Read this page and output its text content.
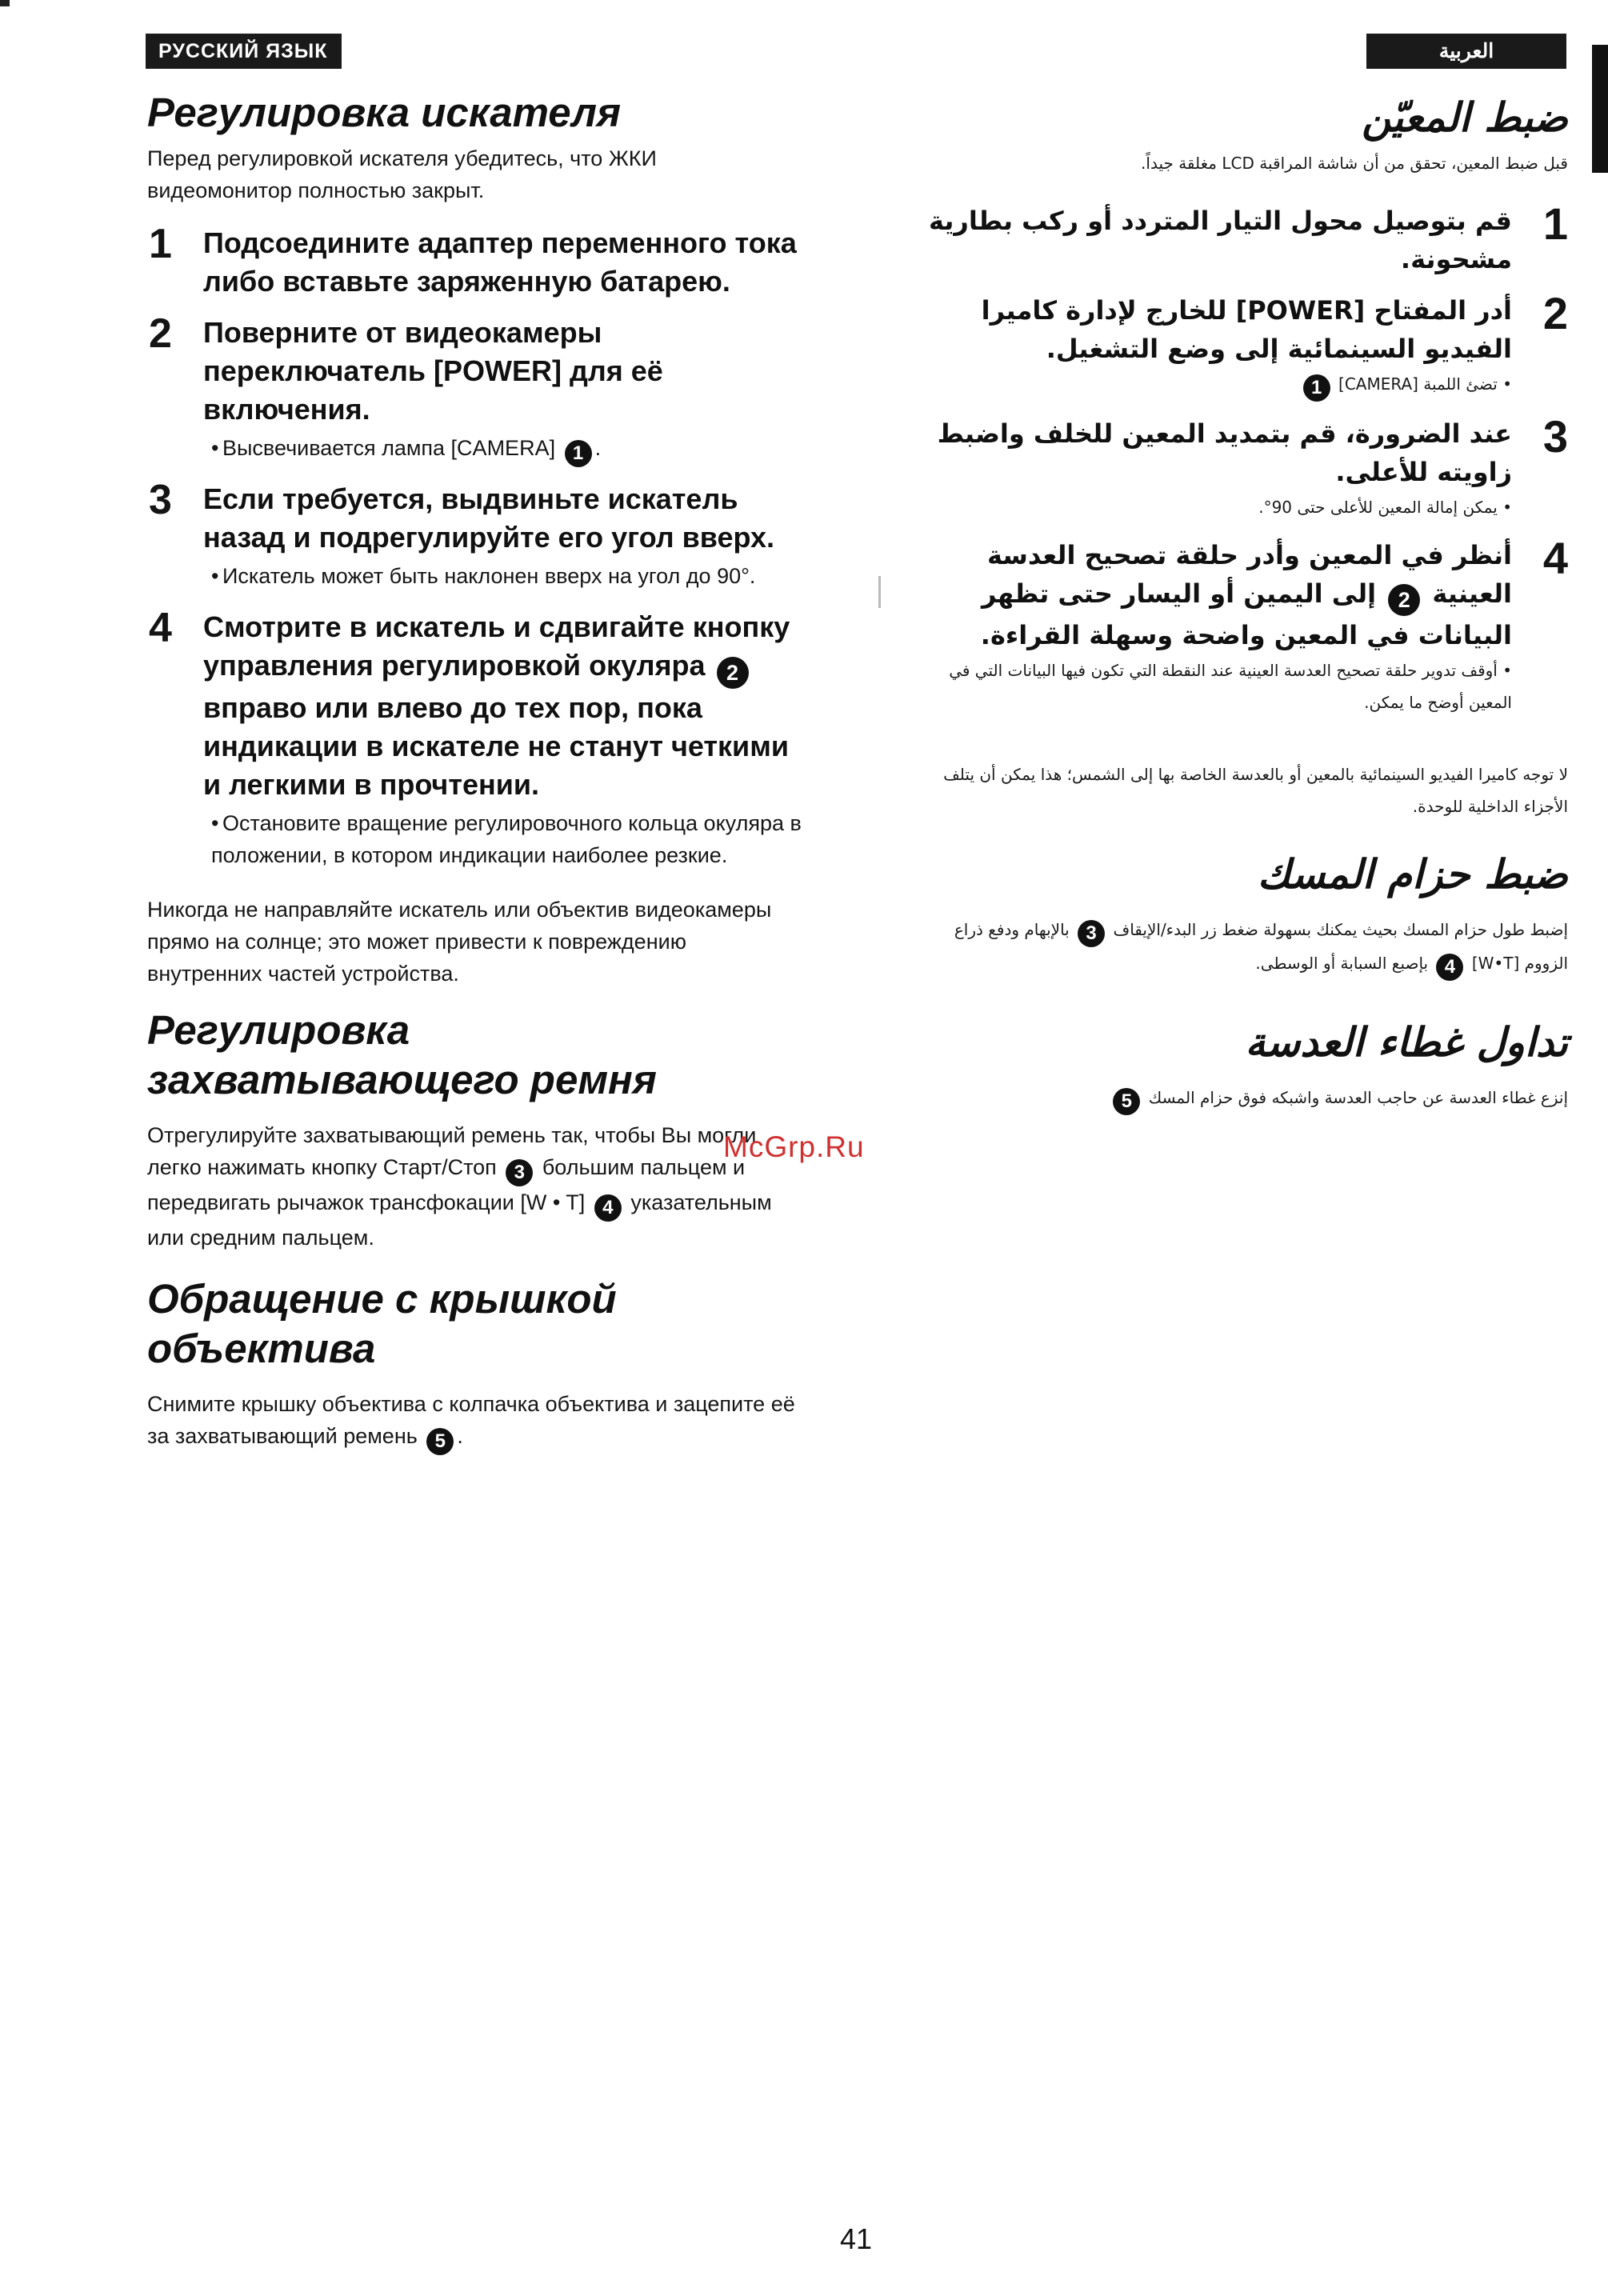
РУССКИЙ ЯЗЫК	العربية
Регулировка искателя

Перед регулировкой искателя убедитесь, что ЖКИ видеомонитор полностью закрыт.

1 Подсоедините адаптер переменного тока либо вставьте заряженную батарею.
2 Поверните от видеокамеры переключатель [POWER] для её включения.
• Высвечивается лампа [CAMERA] 1 .
3 Если требуется, выдвиньте искатель назад и подрегулируйте его угол вверх.
• Искатель может быть наклонен вверх на угол до 90°.
4 Смотрите в искатель и сдвигайте кнопку управления регулировкой окуляра 2 вправо или влево до тех пор, пока индикации в искателе не станут четкими и легкими в прочтении.
• Остановите вращение регулировочного кольца окуляра в положении, в котором индикации наиболее резкие.

Никогда не направляйте искатель или объектив видеокамеры прямо на солнце; это может привести к повреждению внутренних частей устройства.

Регулировка
захватывающего ремня

Отрегулируйте захватывающий ремень так, чтобы Вы могли легко нажимать кнопку Старт/Стоп 3 большим пальцем и передвигать рычажок трансфокации [W • T] 4 указательным или средним пальцем.

Обращение с крышкой
объектива

Снимите крышку объектива с колпачка объектива и зацепите её за захватывающий ремень 5 .

ضبط المعيّن

قبل ضبط المعين، تحقق من أن شاشة المراقبة LCD مغلقة جيداً.

1
قم بتوصيل محول التيار المتردد أو ركب بطارية مشحونة.
2
أدر المفتاح [POWER] للخارج لإدارة كاميرا الفيديو السينمائية إلى وضع التشغيل.
• تضئ اللمبة [CAMERA] 1
3
عند الضرورة، قم بتمديد المعين للخلف واضبط زاويته للأعلى.
• يمكن إمالة المعين للأعلى حتى 90°.
4
أنظر في المعين وأدر حلقة تصحيح العدسة العينية 2 إلى اليمين أو اليسار حتى تظهر البيانات في المعين واضحة وسهلة القراءة.
• أوقف تدوير حلقة تصحيح العدسة العينية عند النقطة التي تكون فيها البيانات التي في المعين أوضح ما يمكن.

لا توجه كاميرا الفيديو السينمائية بالمعين أو بالعدسة الخاصة بها إلى الشمس؛ هذا يمكن أن يتلف الأجزاء الداخلية للوحدة.

ضبط حزام المسك

إضبط طول حزام المسك بحيث يمكنك بسهولة ضغط زر البدء/الإيقاف 3 بالإبهام ودفع ذراع الزووم [W•T] 4 بإصبع السبابة أو الوسطى.

تداول غطاء العدسة

إنزع غطاء العدسة عن حاجب العدسة واشبكه فوق حزام المسك 5

McGrp.Ru
41
